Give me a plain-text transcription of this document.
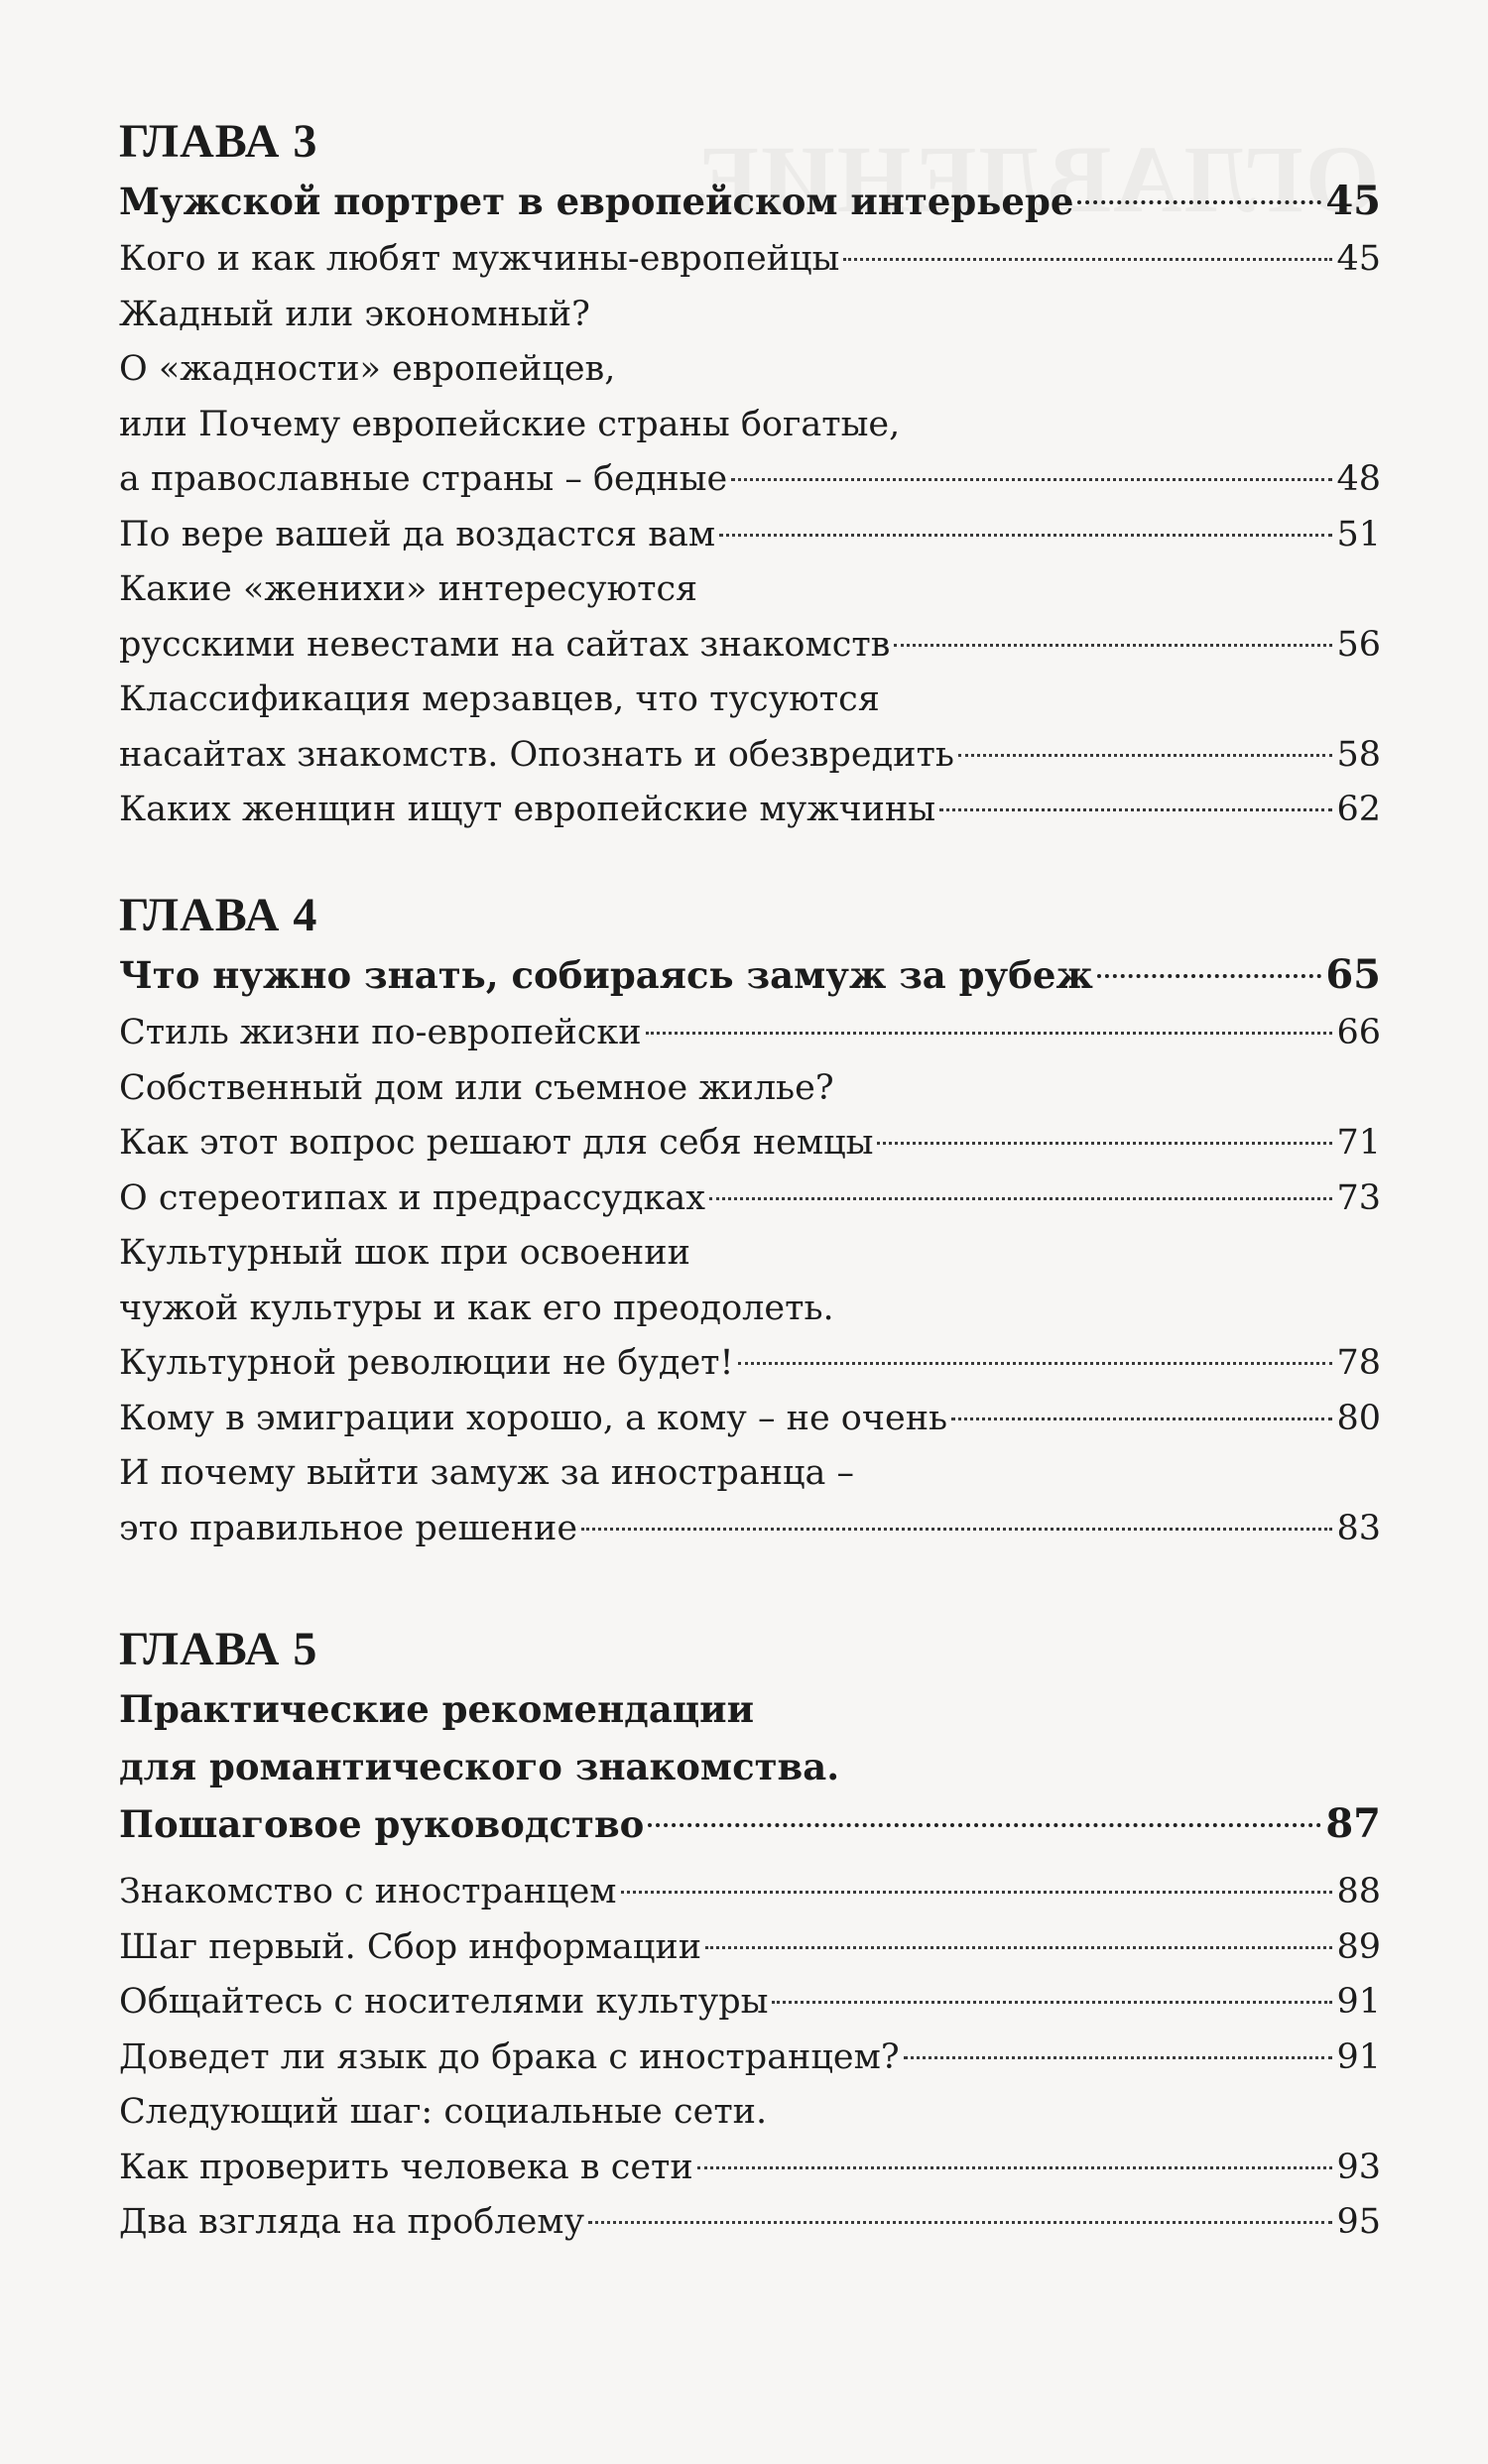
ГЛАВА 3
Мужской портрет в европейском интерьере	45
Кого и как любят мужчины-европейцы	45
Жадный или экономный?
О «жадности» европейцев,
или Почему европейские страны богатые,
а православные страны – бедные	48
По вере вашей да воздастся вам	51
Какие «женихи» интересуются
русскими невестами на сайтах знакомств	56
Классификация мерзавцев, что тусуются
насайтах знакомств. Опознать и обезвредить	58
Каких женщин ищут европейские мужчины	62
ГЛАВА 4
Что нужно знать, собираясь замуж за рубеж	65
Стиль жизни по-европейски	66
Собственный дом или съемное жилье?
Как этот вопрос решают для себя немцы	71
О стереотипах и предрассудках	73
Культурный шок при освоении
чужой культуры и как его преодолеть.
Культурной революции не будет!	78
Кому в эмиграции хорошо, а кому – не очень	80
И почему выйти замуж за иностранца –
это правильное решение	83
ГЛАВА 5
Практические рекомендации
для романтического знакомства.
Пошаговое руководство	87
Знакомство с иностранцем	88
Шаг первый. Сбор информации	89
Общайтесь с носителями культуры	91
Доведет ли язык до брака с иностранцем?	91
Следующий шаг: социальные сети.
Как проверить человека в сети	93
Два взгляда на проблему	95
